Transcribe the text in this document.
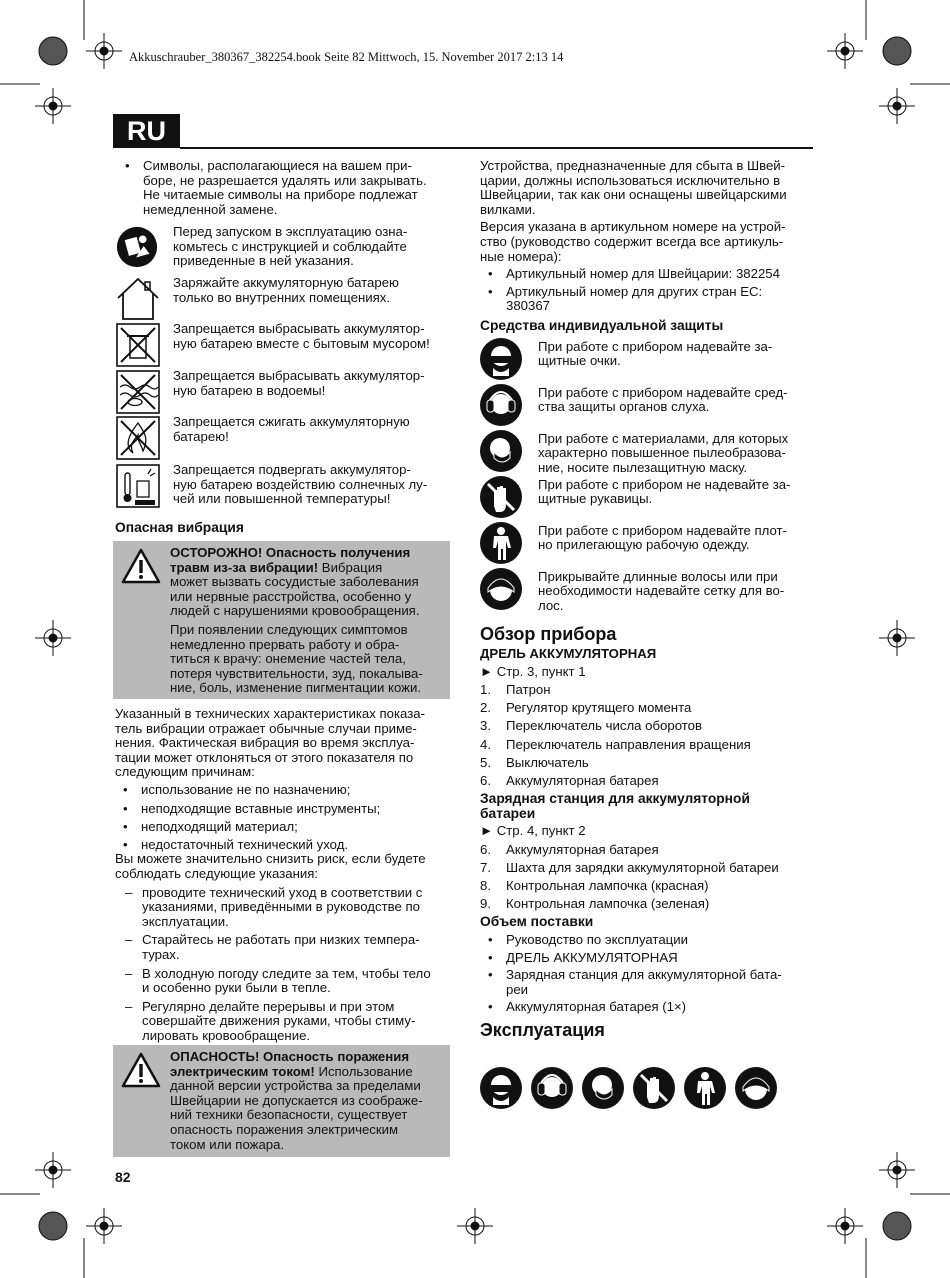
Akkuschrauber_380367_382254.book Seite 82 Mittwoch, 15. November 2017 2:13 14
RU
• Символы, располагающиеся на вашем при-
боре, не разрешается удалять или закрывать.
Не читаемые символы на приборе подлежат
немедленной замене.
Перед запуском в эксплуатацию озна-
комьтесь с инструкцией и соблюдайте
приведенные в ней указания.
Заряжайте аккумуляторную батарею
только во внутренних помещениях.
Запрещается выбрасывать аккумулятор-
ную батарею вместе с бытовым мусором!
Запрещается выбрасывать аккумулятор-
ную батарею в водоемы!
Запрещается сжигать аккумуляторную
батарею!
Запрещается подвергать аккумулятор-
ную батарею воздействию солнечных лу-
чей или повышенной температуры!
Опасная вибрация
ОСТОРОЖНО! Опасность получения
травм из-за вибрации! Вибрация
может вызвать сосудистые заболевания
или нервные расстройства, особенно у
людей с нарушениями кровообращения.
При появлении следующих симптомов
немедленно прервать работу и обра-
титься к врачу: онемение частей тела,
потеря чувствительности, зуд, покалыва-
ние, боль, изменение пигментации кожи.
Указанный в технических характеристиках показа-
тель вибрации отражает обычные случаи приме-
нения. Фактическая вибрация во время эксплуа-
тации может отклоняться от этого показателя по
следующим причинам:
• использование не по назначению;
• неподходящие вставные инструменты;
• неподходящий материал;
• недостаточный технический уход.
Вы можете значительно снизить риск, если будете
соблюдать следующие указания:
– проводите технический уход в соответствии с
указаниями, приведёнными в руководстве по
эксплуатации.
– Старайтесь не работать при низких темпера-
турах.
– В холодную погоду следите за тем, чтобы тело
и особенно руки были в тепле.
– Регулярно делайте перерывы и при этом
совершайте движения руками, чтобы стиму-
лировать кровообращение.
ОПАСНОСТЬ! Опасность поражения
электрическим током! Использование
данной версии устройства за пределами
Швейцарии не допускается из соображе-
ний техники безопасности, существует
опасность поражения электрическим
током или пожара.
82
Устройства, предназначенные для сбыта в Швей-
царии, должны использоваться исключительно в
Швейцарии, так как они оснащены швейцарскими
вилками.
Версия указана в артикульном номере на устрой-
ство (руководство содержит всегда все артикуль-
ные номера):
• Артикульный номер для Швейцарии: 382254
• Артикульный номер для других стран ЕС:
380367
Средства индивидуальной защиты
При работе с прибором надевайте за-
щитные очки.
При работе с прибором надевайте сред-
ства защиты органов слуха.
При работе с материалами, для которых
характерно повышенное пылеобразова-
ние, носите пылезащитную маску.
При работе с прибором не надевайте за-
щитные рукавицы.
При работе с прибором надевайте плот-
но прилегающую рабочую одежду.
Прикрывайте длинные волосы или при
необходимости надевайте сетку для во-
лос.
Обзор прибора
ДРЕЛЬ АККУМУЛЯТОРНАЯ
► Стр. 3, пункт 1
1. Патрон
2. Регулятор крутящего момента
3. Переключатель числа оборотов
4. Переключатель направления вращения
5. Выключатель
6. Аккумуляторная батарея
Зарядная станция для аккумуляторной
батареи
► Стр. 4, пункт 2
6. Аккумуляторная батарея
7. Шахта для зарядки аккумуляторной батареи
8. Контрольная лампочка (красная)
9. Контрольная лампочка (зеленая)
Объем поставки
• Руководство по эксплуатации
• ДРЕЛЬ АККУМУЛЯТОРНАЯ
• Зарядная станция для аккумуляторной бата-
реи
• Аккумуляторная батарея (1×)
Эксплуатация
